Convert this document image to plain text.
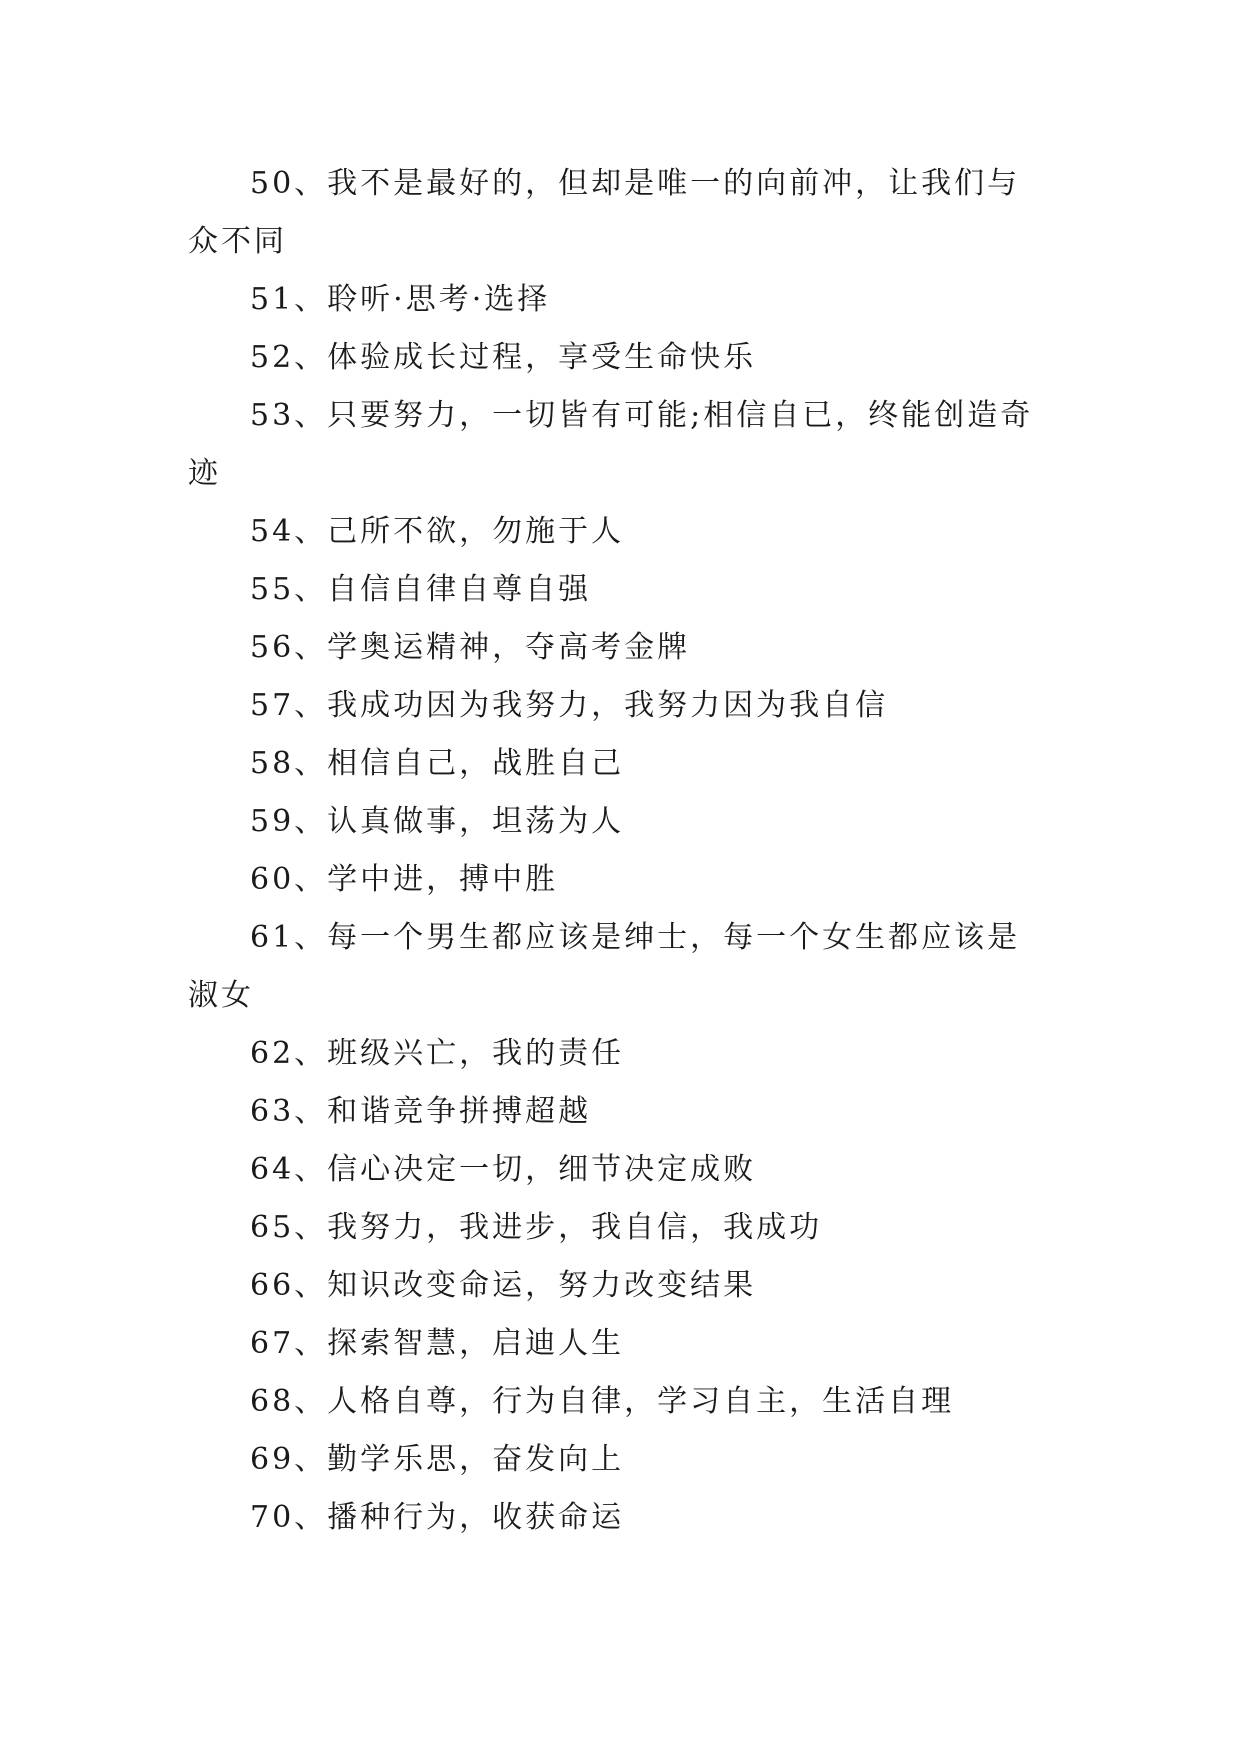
50、我不是最好的，但却是唯一的向前冲，让我们与众不同

51、聆听·思考·选择

52、体验成长过程，享受生命快乐

53、只要努力，一切皆有可能;相信自已，终能创造奇迹

54、己所不欲，勿施于人

55、自信自律自尊自强

56、学奥运精神，夺高考金牌

57、我成功因为我努力，我努力因为我自信

58、相信自己，战胜自己

59、认真做事，坦荡为人

60、学中进，搏中胜

61、每一个男生都应该是绅士，每一个女生都应该是淑女

62、班级兴亡，我的责任

63、和谐竞争拼搏超越

64、信心决定一切，细节决定成败

65、我努力，我进步，我自信，我成功

66、知识改变命运，努力改变结果

67、探索智慧，启迪人生

68、人格自尊，行为自律，学习自主，生活自理

69、勤学乐思，奋发向上

70、播种行为，收获命运
